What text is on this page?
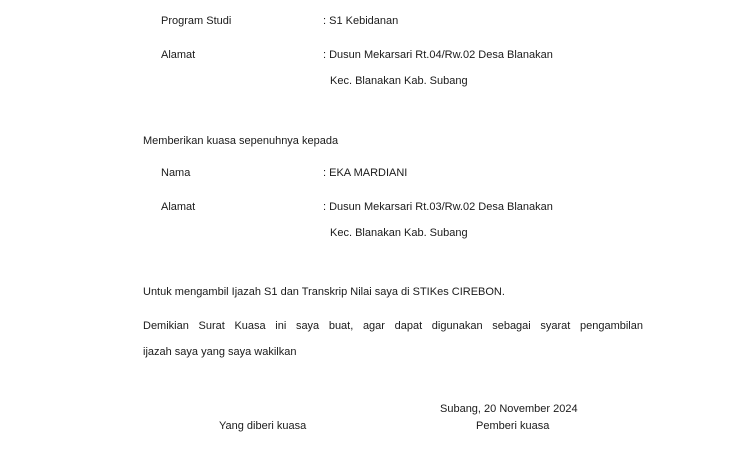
Program Studi	: S1 Kebidanan
Alamat	: Dusun Mekarsari Rt.04/Rw.02 Desa Blanakan
Kec. Blanakan Kab. Subang
Memberikan kuasa sepenuhnya kepada
Nama	: EKA MARDIANI
Alamat	: Dusun Mekarsari Rt.03/Rw.02 Desa Blanakan
Kec. Blanakan Kab. Subang
Untuk mengambil Ijazah S1 dan Transkrip Nilai saya di STIKes CIREBON.
Demikian Surat Kuasa ini saya buat, agar dapat digunakan sebagai syarat pengambilan
ijazah saya yang saya wakilkan
Subang, 20 November 2024
Yang diberi kuasa	Pemberi kuasa
